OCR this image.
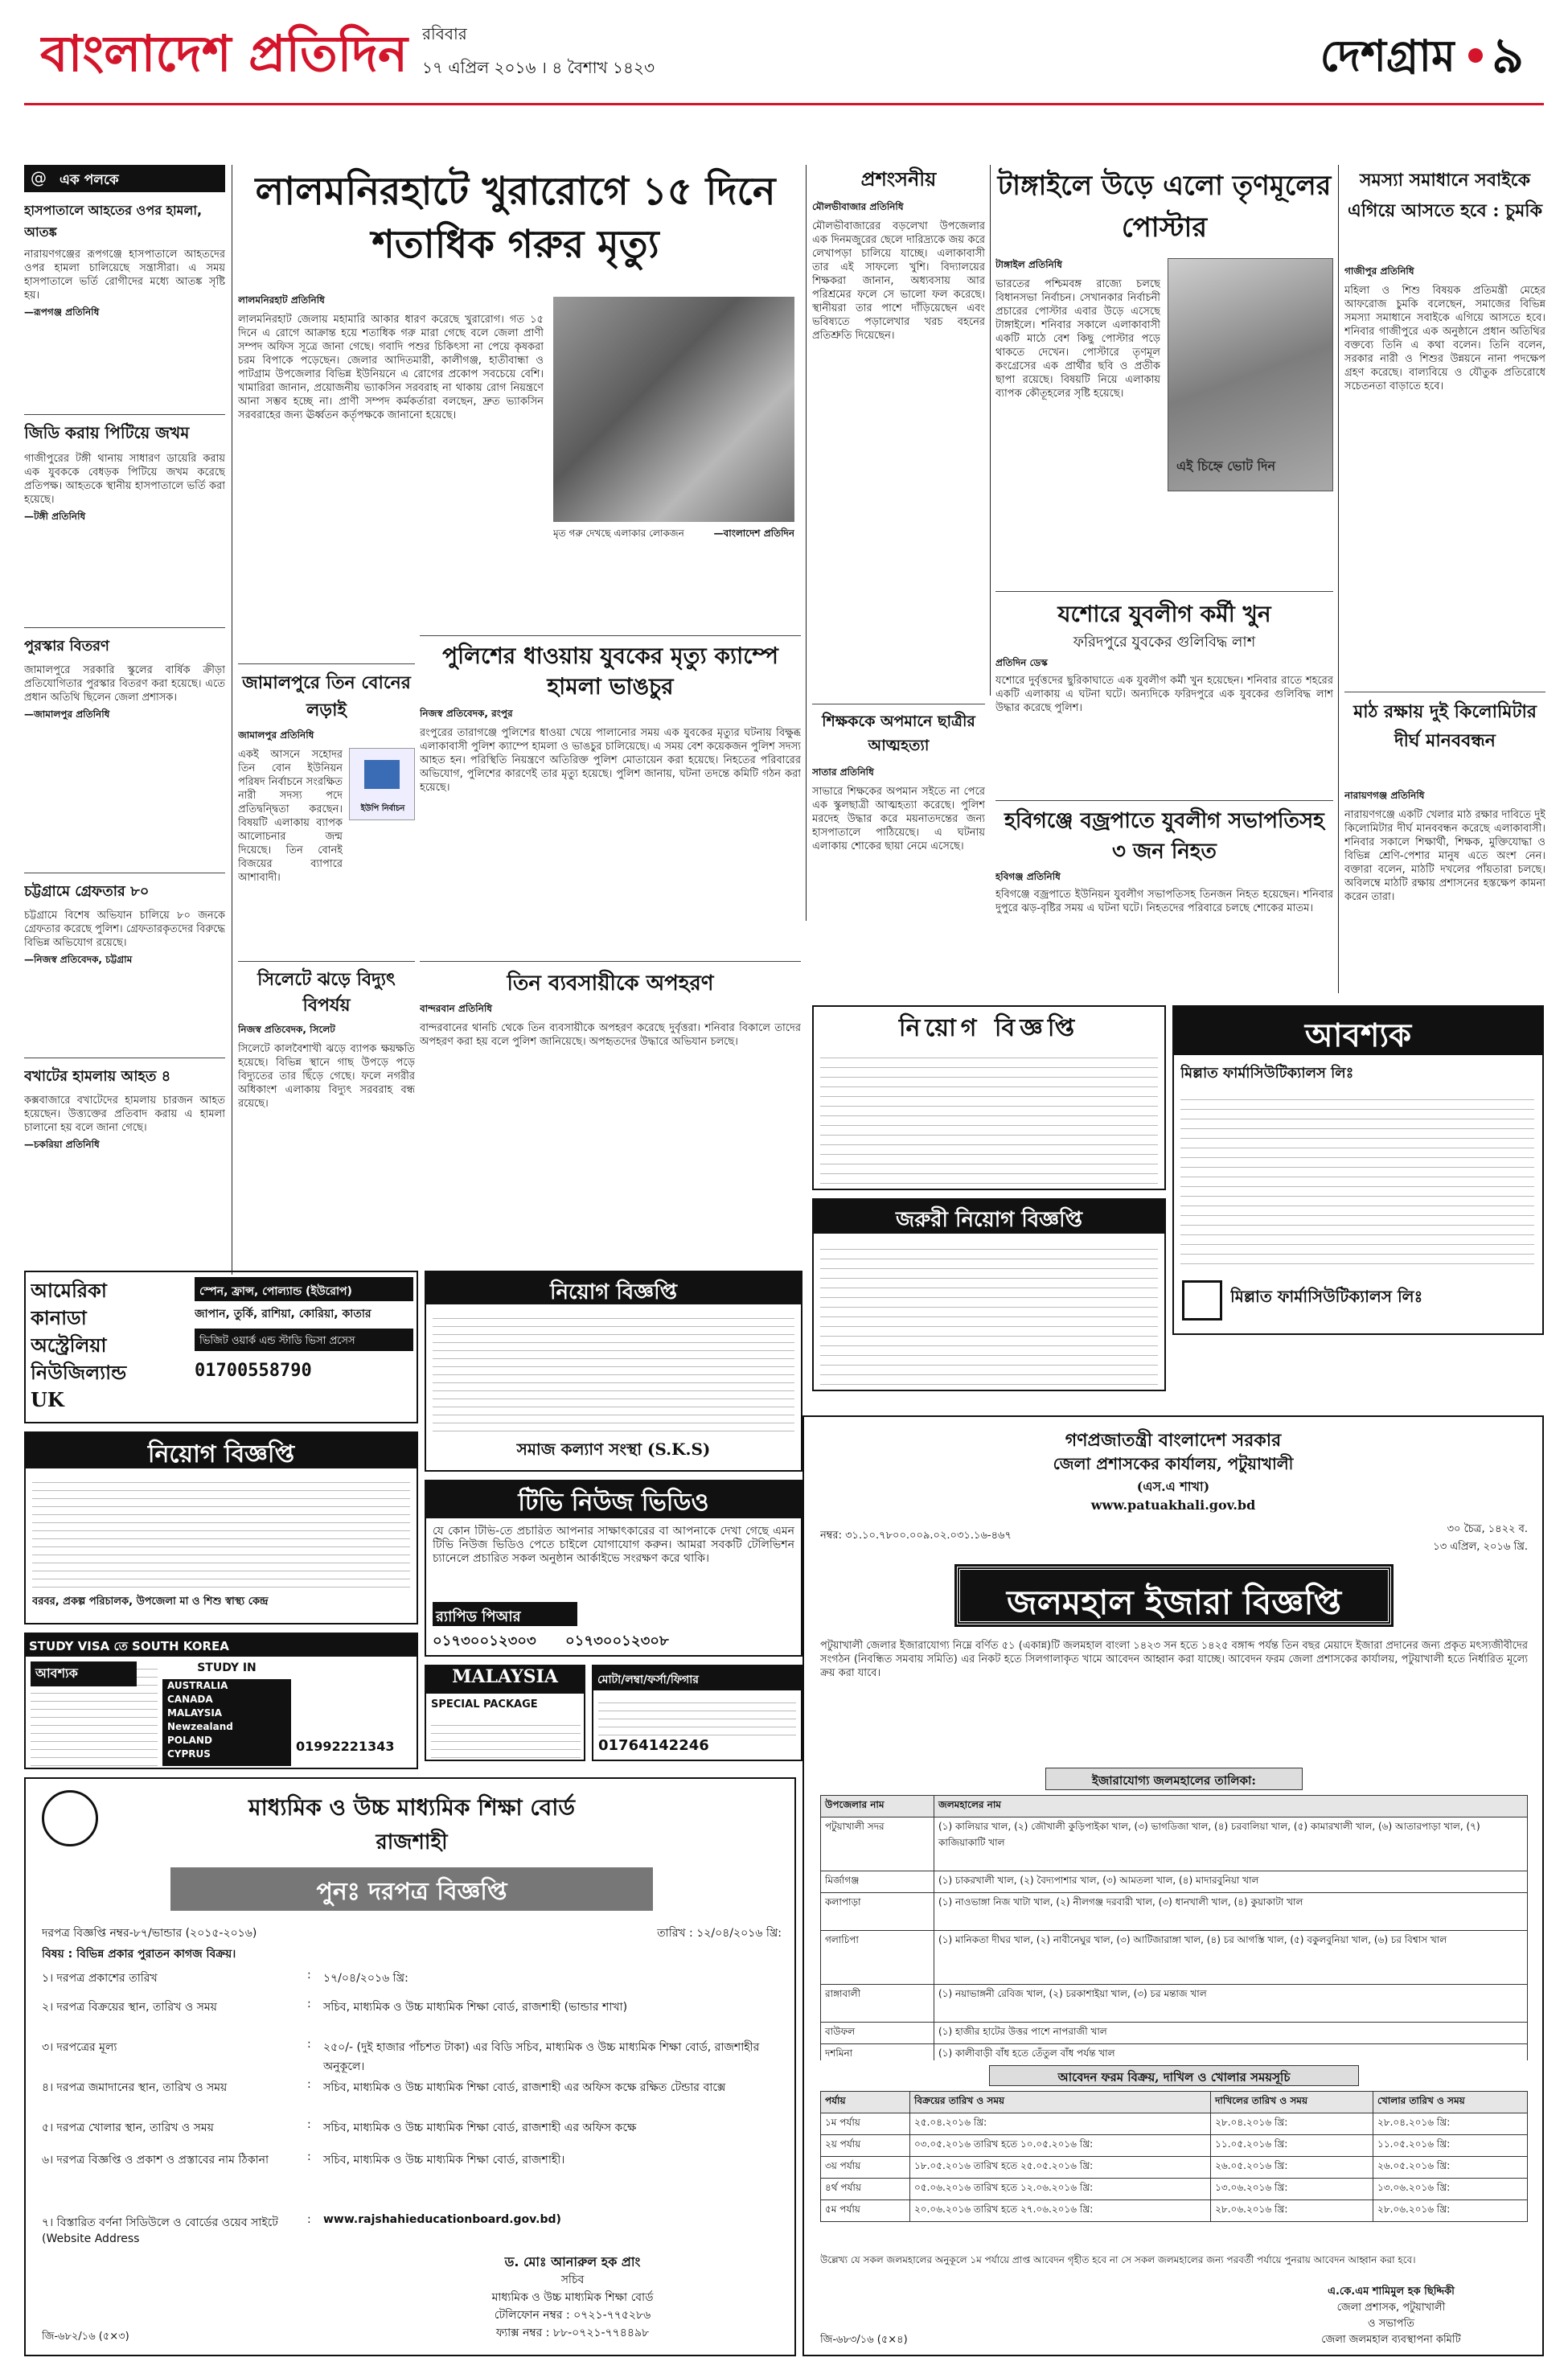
বাংলাদেশ প্রতিদিন রবিবার
১৭ এপ্রিল ২০১৬ । ৪ বৈশাখ ১৪২৩	দেশগ্রাম ৯
@ এক পলকে
হাসপাতালে আহতের ওপর হামলা, আতঙ্ক
নারায়ণগঞ্জের রূপগঞ্জে হাসপাতালে আহতদের ওপর হামলা চালিয়েছে সন্ত্রাসীরা। এ সময় হাসপাতালে ভর্তি রোগীদের মধ্যে আতঙ্ক সৃষ্টি হয়।
—রূপগঞ্জ প্রতিনিধি
জিডি করায় পিটিয়ে জখম
গাজীপুরের টঙ্গী থানায় সাধারণ ডায়েরি করায় এক যুবককে বেধড়ক পিটিয়ে জখম করেছে প্রতিপক্ষ। আহতকে স্থানীয় হাসপাতালে ভর্তি করা হয়েছে।
—টঙ্গী প্রতিনিধি
পুরস্কার বিতরণ
জামালপুরে সরকারি স্কুলের বার্ষিক ক্রীড়া প্রতিযোগিতার পুরস্কার বিতরণ করা হয়েছে। এতে প্রধান অতিথি ছিলেন জেলা প্রশাসক।
—জামালপুর প্রতিনিধি
চট্টগ্রামে গ্রেফতার ৮০
চট্টগ্রামে বিশেষ অভিযান চালিয়ে ৮০ জনকে গ্রেফতার করেছে পুলিশ। গ্রেফতারকৃতদের বিরুদ্ধে বিভিন্ন অভিযোগ রয়েছে।
—নিজস্ব প্রতিবেদক, চট্টগ্রাম
বখাটের হামলায় আহত ৪
কক্সবাজারে বখাটেদের হামলায় চারজন আহত হয়েছেন। উত্ত্যক্তের প্রতিবাদ করায় এ হামলা চালানো হয় বলে জানা গেছে।
—চকরিয়া প্রতিনিধি
লালমনিরহাটে খুরারোগে ১৫ দিনে শতাধিক গরুর মৃত্যু
লালমনিরহাট প্রতিনিধি
লালমনিরহাট জেলায় মহামারি আকার ধারণ করেছে খুরারোগ। গত ১৫ দিনে এ রোগে আক্রান্ত হয়ে শতাধিক গরু মারা গেছে বলে জেলা প্রাণী সম্পদ অফিস সূত্রে জানা গেছে। গবাদি পশুর চিকিৎসা না পেয়ে কৃষকরা চরম বিপাকে পড়েছেন। জেলার আদিতমারী, কালীগঞ্জ, হাতীবান্ধা ও পাটগ্রাম উপজেলার বিভিন্ন ইউনিয়নে এ রোগের প্রকোপ সবচেয়ে বেশি। খামারিরা জানান, প্রয়োজনীয় ভ্যাকসিন সরবরাহ না থাকায় রোগ নিয়ন্ত্রণে আনা সম্ভব হচ্ছে না। প্রাণী সম্পদ কর্মকর্তারা বলছেন, দ্রুত ভ্যাকসিন সরবরাহের জন্য ঊর্ধ্বতন কর্তৃপক্ষকে জানানো হয়েছে।
মৃত গরু দেখছে এলাকার লোকজন	—বাংলাদেশ প্রতিদিন
প্রশংসনীয়
মৌলভীবাজার প্রতিনিধি
মৌলভীবাজারের বড়লেখা উপজেলার এক দিনমজুরের ছেলে দারিদ্র্যকে জয় করে লেখাপড়া চালিয়ে যাচ্ছে। এলাকাবাসী তার এই সাফল্যে খুশি। বিদ্যালয়ের শিক্ষকরা জানান, অধ্যবসায় আর পরিশ্রমের ফলে সে ভালো ফল করেছে। স্থানীয়রা তার পাশে দাঁড়িয়েছেন এবং ভবিষ্যতে পড়ালেখার খরচ বহনের প্রতিশ্রুতি দিয়েছেন।
টাঙ্গাইলে উড়ে এলো তৃণমূলের পোস্টার
টাঙ্গাইল প্রতিনিধি
ভারতের পশ্চিমবঙ্গ রাজ্যে চলছে বিধানসভা নির্বাচন। সেখানকার নির্বাচনী প্রচারের পোস্টার এবার উড়ে এসেছে টাঙ্গাইলে। শনিবার সকালে এলাকাবাসী একটি মাঠে বেশ কিছু পোস্টার পড়ে থাকতে দেখেন। পোস্টারে তৃণমূল কংগ্রেসের এক প্রার্থীর ছবি ও প্রতীক ছাপা রয়েছে। বিষয়টি নিয়ে এলাকায় ব্যাপক কৌতূহলের সৃষ্টি হয়েছে।
এই চিহ্নে ভোট দিন
সমস্যা সমাধানে সবাইকে এগিয়ে আসতে হবে : চুমকি
গাজীপুর প্রতিনিধি
মহিলা ও শিশু বিষয়ক প্রতিমন্ত্রী মেহের আফরোজ চুমকি বলেছেন, সমাজের বিভিন্ন সমস্যা সমাধানে সবাইকে এগিয়ে আসতে হবে। শনিবার গাজীপুরে এক অনুষ্ঠানে প্রধান অতিথির বক্তব্যে তিনি এ কথা বলেন। তিনি বলেন, সরকার নারী ও শিশুর উন্নয়নে নানা পদক্ষেপ গ্রহণ করেছে। বাল্যবিয়ে ও যৌতুক প্রতিরোধে সচেতনতা বাড়াতে হবে।
মাঠ রক্ষায় দুই কিলোমিটার দীর্ঘ মানববন্ধন
নারায়ণগঞ্জ প্রতিনিধি
নারায়ণগঞ্জে একটি খেলার মাঠ রক্ষার দাবিতে দুই কিলোমিটার দীর্ঘ মানববন্ধন করেছে এলাকাবাসী। শনিবার সকালে শিক্ষার্থী, শিক্ষক, মুক্তিযোদ্ধা ও বিভিন্ন শ্রেণি-পেশার মানুষ এতে অংশ নেন। বক্তারা বলেন, মাঠটি দখলের পাঁয়তারা চলছে। অবিলম্বে মাঠটি রক্ষায় প্রশাসনের হস্তক্ষেপ কামনা করেন তারা।
শিক্ষককে অপমানে ছাত্রীর আত্মহত্যা
সাতার প্রতিনিধি
সাভারে শিক্ষকের অপমান সইতে না পেরে এক স্কুলছাত্রী আত্মহত্যা করেছে। পুলিশ মরদেহ উদ্ধার করে ময়নাতদন্তের জন্য হাসপাতালে পাঠিয়েছে। এ ঘটনায় এলাকায় শোকের ছায়া নেমে এসেছে।
যশোরে যুবলীগ কর্মী খুন
ফরিদপুরে যুবকের গুলিবিদ্ধ লাশ
প্রতিদিন ডেস্ক
যশোরে দুর্বৃত্তদের ছুরিকাঘাতে এক যুবলীগ কর্মী খুন হয়েছেন। শনিবার রাতে শহরের একটি এলাকায় এ ঘটনা ঘটে। অন্যদিকে ফরিদপুরে এক যুবকের গুলিবিদ্ধ লাশ উদ্ধার করেছে পুলিশ।
হবিগঞ্জে বজ্রপাতে যুবলীগ সভাপতিসহ ৩ জন নিহত
হবিগঞ্জ প্রতিনিধি
হবিগঞ্জে বজ্রপাতে ইউনিয়ন যুবলীগ সভাপতিসহ তিনজন নিহত হয়েছেন। শনিবার দুপুরে ঝড়-বৃষ্টির সময় এ ঘটনা ঘটে। নিহতদের পরিবারে চলছে শোকের মাতম।
জামালপুরে তিন বোনের লড়াই
জামালপুর প্রতিনিধি
একই আসনে সহোদর তিন বোন ইউনিয়ন পরিষদ নির্বাচনে সংরক্ষিত নারী সদস্য পদে প্রতিদ্বন্দ্বিতা করছেন। বিষয়টি এলাকায় ব্যাপক আলোচনার জন্ম দিয়েছে। তিন বোনই বিজয়ের ব্যাপারে আশাবাদী।
ইউপি নির্বাচন
পুলিশের ধাওয়ায় যুবকের মৃত্যু ক্যাম্পে হামলা ভাঙচুর
নিজস্ব প্রতিবেদক, রংপুর
রংপুরের তারাগঞ্জে পুলিশের ধাওয়া খেয়ে পালানোর সময় এক যুবকের মৃত্যুর ঘটনায় বিক্ষুব্ধ এলাকাবাসী পুলিশ ক্যাম্পে হামলা ও ভাঙচুর চালিয়েছে। এ সময় বেশ কয়েকজন পুলিশ সদস্য আহত হন। পরিস্থিতি নিয়ন্ত্রণে অতিরিক্ত পুলিশ মোতায়েন করা হয়েছে। নিহতের পরিবারের অভিযোগ, পুলিশের কারণেই তার মৃত্যু হয়েছে। পুলিশ জানায়, ঘটনা তদন্তে কমিটি গঠন করা হয়েছে।
সিলেটে ঝড়ে বিদ্যুৎ বিপর্যয়
নিজস্ব প্রতিবেদক, সিলেট
সিলেটে কালবৈশাখী ঝড়ে ব্যাপক ক্ষয়ক্ষতি হয়েছে। বিভিন্ন স্থানে গাছ উপড়ে পড়ে বিদ্যুতের তার ছিঁড়ে গেছে। ফলে নগরীর অধিকাংশ এলাকায় বিদ্যুৎ সরবরাহ বন্ধ রয়েছে।
তিন ব্যবসায়ীকে অপহরণ
বান্দরবান প্রতিনিধি
বান্দরবানের থানচি থেকে তিন ব্যবসায়ীকে অপহরণ করেছে দুর্বৃত্তরা। শনিবার বিকালে তাদের অপহরণ করা হয় বলে পুলিশ জানিয়েছে। অপহৃতদের উদ্ধারে অভিযান চলছে।
আমেরিকা
কানাডা
অস্ট্রেলিয়া
নিউজিল্যান্ড
UK
স্পেন, ফ্রান্স, পোল্যান্ড (ইউরোপ)
জাপান, তুর্কি, রাশিয়া, কোরিয়া, কাতার
ভিজিট ওয়ার্ক এন্ড স্টাডি ভিসা প্রসেস
01700558790
নিয়োগ বিজ্ঞপ্তি
সমাজ কল্যাণ সংস্থা (S.K.S)
নিয়োগ বিজ্ঞপ্তি	আবশ্যক
মিল্লাত ফার্মাসিউটিক্যালস লিঃ
মিল্লাত ফার্মাসিউটিক্যালস লিঃ
জরুরী নিয়োগ বিজ্ঞপ্তি
নিয়োগ বিজ্ঞপ্তি
বরবর, প্রকল্প পরিচালক, উপজেলা মা ও শিশু স্বাস্থ্য কেন্দ্র
টিভি নিউজ ভিডিও
যে কোন টিভি-তে প্রচারিত আপনার সাক্ষাৎকারের বা আপনাকে দেখা গেছে এমন টিভি নিউজ ভিডিও পেতে চাইলে যোগাযোগ করুন। আমরা সবকটি টেলিভিশন চ্যানেলে প্রচারিত সকল অনুষ্ঠান আর্কাইভে সংরক্ষণ করে থাকি।
র‍্যাপিড পিআর
০১৭৩০০১২৩০৩ ০১৭৩০০১২৩০৮
STUDY VISA তে SOUTH KOREA
STUDY IN
AUSTRALIA
CANADA
MALAYSIA
Newzealand
POLAND
CYPRUS
আবশ্যক
01992221343
MALAYSIA
SPECIAL PACKAGE
মোটা/লম্বা/ফর্সা/ফিগার
01764142246
মাধ্যমিক ও উচ্চ মাধ্যমিক শিক্ষা বোর্ড
রাজশাহী
পুনঃ দরপত্র বিজ্ঞপ্তি
দরপত্র বিজ্ঞপ্তি নম্বর-৮৭/ভান্ডার (২০১৫-২০১৬)	তারিখ : ১২/০৪/২০১৬ খ্রি:
বিষয় : বিভিন্ন প্রকার পুরাতন কাগজ বিক্রয়।
১। দরপত্র প্রকাশের তারিখ	:	১৭/০৪/২০১৬ খ্রি:
২। দরপত্র বিক্রয়ের স্থান, তারিখ ও সময়	:	সচিব, মাধ্যমিক ও উচ্চ মাধ্যমিক শিক্ষা বোর্ড, রাজশাহী (ভান্ডার শাখা)
৩। দরপত্রের মূল্য	:	২৫০/- (দুই হাজার পাঁচশত টাকা) এর বিডি সচিব, মাধ্যমিক ও উচ্চ মাধ্যমিক শিক্ষা বোর্ড, রাজশাহীর অনুকূলে।
৪। দরপত্র জমাদানের স্থান, তারিখ ও সময়	:	সচিব, মাধ্যমিক ও উচ্চ মাধ্যমিক শিক্ষা বোর্ড, রাজশাহী এর অফিস কক্ষে রক্ষিত টেন্ডার বাক্সে
৫। দরপত্র খোলার স্থান, তারিখ ও সময়	:	সচিব, মাধ্যমিক ও উচ্চ মাধ্যমিক শিক্ষা বোর্ড, রাজশাহী এর অফিস কক্ষে
৬। দরপত্র বিজ্ঞপ্তি ও প্রকাশ ও প্রস্তাবের নাম ঠিকানা	:	সচিব, মাধ্যমিক ও উচ্চ মাধ্যমিক শিক্ষা বোর্ড, রাজশাহী।
৭। বিস্তারিত বর্ণনা সিডিউলে ও বোর্ডের ওয়েব সাইটে (Website Address
:	www.rajshahieducationboard.gov.bd)
ড. মোঃ আনারুল হক প্রাং
সচিব
মাধ্যমিক ও উচ্চ মাধ্যমিক শিক্ষা বোর্ড
টেলিফোন নম্বর : ০৭২১-৭৭৫২৮৬
ফ্যাক্স নম্বর : ৮৮-০৭২১-৭৭৪৪৯৮
জি-৬৮২/১৬ (৫×৩)
গণপ্রজাতন্ত্রী বাংলাদেশ সরকার
জেলা প্রশাসকের কার্যালয়, পটুয়াখালী
(এস.এ শাখা)
www.patuakhali.gov.bd
নম্বর: ৩১.১০.৭৮০০.০০৯.০২.০৩১.১৬-৪৬৭
৩০ চৈত্র, ১৪২২ ব.
১৩ এপ্রিল, ২০১৬ খ্রি.
জলমহাল ইজারা বিজ্ঞপ্তি
পটুয়াখালী জেলার ইজারাযোগ্য নিম্নে বর্ণিত ৫১ (একান্ন)টি জলমহাল বাংলা ১৪২৩ সন হতে ১৪২৫ বঙ্গাব্দ পর্যন্ত তিন বছর মেয়াদে ইজারা প্রদানের জন্য প্রকৃত মৎস্যজীবীদের সংগঠন (নিবন্ধিত সমবায় সমিতি) এর নিকট হতে সিলগালাকৃত খামে আবেদন আহ্বান করা যাচ্ছে। আবেদন ফরম জেলা প্রশাসকের কার্যালয়, পটুয়াখালী হতে নির্ধারিত মূল্যে ক্রয় করা যাবে।
ইজারাযোগ্য জলমহালের তালিকা:
উপজেলার নাম	জলমহালের নাম
পটুয়াখালী সদর	(১) কালিয়ার খাল, (২) জৌখালী কুড়িপাইকা খাল, (৩) ভাগডিজা খাল, (৪) চরবালিয়া খাল, (৫) কামারখালী খাল, (৬) আতারপাড়া খাল, (৭) কাজিয়াকাটি খাল
মির্জাগঞ্জ	(১) চাকরখালী খাল, (২) বৈদ্যপাশার খাল, (৩) আমতলা খাল, (৪) মাদারবুনিয়া খাল
কলাপাড়া	(১) নাওভাঙ্গা নিজ খাটা খাল, (২) নীলগঞ্জ দরবারী খাল, (৩) ধানখালী খাল, (৪) কুয়াকাটা খাল
গলাচিপা	(১) মানিকতা দীঘর খাল, (২) নাবীনেঘুর খাল, (৩) আটিজারাঙ্গা খাল, (৪) চর আগস্তি খাল, (৫) বকুলবুনিয়া খাল, (৬) চর বিশ্বাস খাল
রাঙ্গাবালী	(১) নয়াভাঙ্গনী রেবিজ খাল, (২) চরকাশাইয়া খাল, (৩) চর মন্তাজ খাল
বাউফল	(১) হাজীর হাটের উত্তর পাশে নাপরাজী খাল
দশমিনা	(১) কালীবাড়ী বাঁধ হতে তেঁতুল বাঁধ পর্যন্ত খাল
আবেদন ফরম বিক্রয়, দাখিল ও খোলার সময়সূচি
পর্যায়	বিক্রয়ের তারিখ ও সময়	দাখিলের তারিখ ও সময়	খোলার তারিখ ও সময়
১ম পর্যায়	২৫.০৪.২০১৬ খ্রি:	২৮.০৪.২০১৬ খ্রি:	২৮.০৪.২০১৬ খ্রি:
২য় পর্যায়	০৩.০৫.২০১৬ তারিখ হতে ১০.০৫.২০১৬ খ্রি:	১১.০৫.২০১৬ খ্রি:	১১.০৫.২০১৬ খ্রি:
৩য় পর্যায়	১৮.০৫.২০১৬ তারিখ হতে ২৫.০৫.২০১৬ খ্রি:	২৬.০৫.২০১৬ খ্রি:	২৬.০৫.২০১৬ খ্রি:
৪র্থ পর্যায়	০৫.০৬.২০১৬ তারিখ হতে ১২.০৬.২০১৬ খ্রি:	১৩.০৬.২০১৬ খ্রি:	১৩.০৬.২০১৬ খ্রি:
৫ম পর্যায়	২০.০৬.২০১৬ তারিখ হতে ২৭.০৬.২০১৬ খ্রি:	২৮.০৬.২০১৬ খ্রি:	২৮.০৬.২০১৬ খ্রি:
উল্লেখ্য যে সকল জলমহালের অনুকূলে ১ম পর্যায়ে প্রাপ্ত আবেদন গৃহীত হবে না সে সকল জলমহালের জন্য পরবর্তী পর্যায়ে পুনরায় আবেদন আহ্বান করা হবে।
এ.কে.এম শামিমুল হক ছিদ্দিকী
জেলা প্রশাসক, পটুয়াখালী
ও সভাপতি
জেলা জলমহাল ব্যবস্থাপনা কমিটি
জি-৬৮৩/১৬ (৫×৪)
